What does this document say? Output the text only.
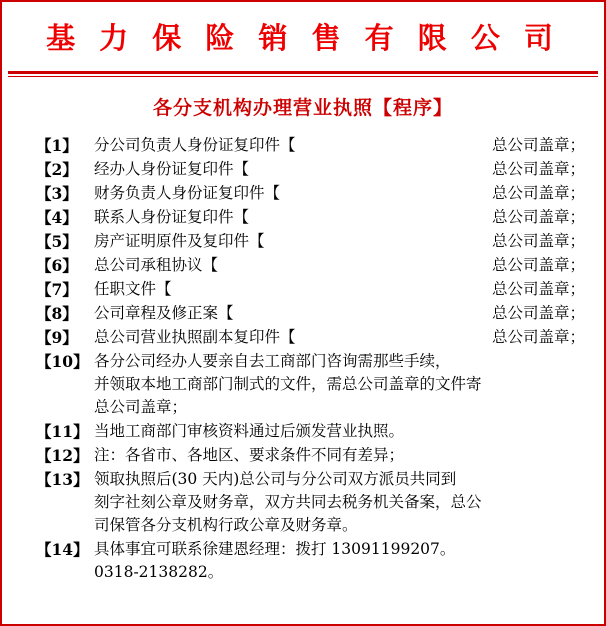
基 力 保 险 销 售 有 限 公 司
各分支机构办理营业执照【程序】
【1】	分公司负责人身份证复印件【	总公司盖章；
【2】	经办人身份证复印件【	总公司盖章；
【3】	财务负责人身份证复印件【	总公司盖章；
【4】	联系人身份证复印件【	总公司盖章；
【5】	房产证明原件及复印件【	总公司盖章；
【6】	总公司承租协议【	总公司盖章；
【7】	任职文件【	总公司盖章；
【8】	公司章程及修正案【	总公司盖章；
【9】	总公司营业执照副本复印件【	总公司盖章；
【10】 各分公司经办人要亲自去工商部门咨询需那些手续，
并领取本地工商部门制式的文件，需总公司盖章的文件寄
总公司盖章；
【11】 当地工商部门审核资料通过后颁发营业执照。
【12】 注：各省市、各地区、要求条件不同有差异；
【13】 领取执照后(30 天内)总公司与分公司双方派员共同到
刻字社刻公章及财务章，双方共同去税务机关备案，总公
司保管各分支机构行政公章及财务章。
【14】 具体事宜可联系徐建恩经理：拨打 13091199207。
0318-2138282。
